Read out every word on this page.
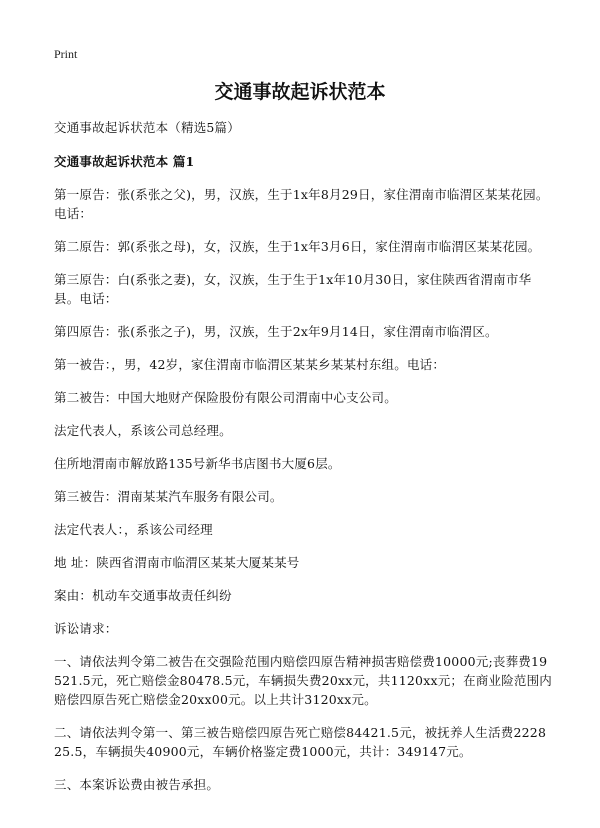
Print
交通事故起诉状范本

交通事故起诉状范本（精选5篇）

交通事故起诉状范本 篇1

第一原告：张(系张之父)，男，汉族，生于1x年8月29日，家住渭南市临渭区某某花园。电话：

第二原告：郭(系张之母)，女，汉族，生于1x年3月6日，家住渭南市临渭区某某花园。

第三原告：白(系张之妻)，女，汉族，生于生于1x年10月30日，家住陕西省渭南市华县。电话：

第四原告：张(系张之子)，男，汉族，生于2x年9月14日，家住渭南市临渭区。

第一被告：，男，42岁，家住渭南市临渭区某某乡某某村东组。电话：

第二被告：中国大地财产保险股份有限公司渭南中心支公司。

法定代表人，系该公司总经理。

住所地渭南市解放路135号新华书店图书大厦6层。

第三被告：渭南某某汽车服务有限公司。

法定代表人：，系该公司经理

地 址：陕西省渭南市临渭区某某大厦某某号

案由：机动车交通事故责任纠纷

诉讼请求：

一、请依法判令第二被告在交强险范围内赔偿四原告精神损害赔偿费10000元;丧葬费19521.5元，死亡赔偿金80478.5元，车辆损失费20xx元，共1120xx元；在商业险范围内赔偿四原告死亡赔偿金20xx00元。以上共计3120xx元。

二、请依法判令第一、第三被告赔偿四原告死亡赔偿84421.5元，被抚养人生活费222825.5，车辆损失40900元，车辆价格鉴定费1000元，共计：349147元。

三、本案诉讼费由被告承担。
